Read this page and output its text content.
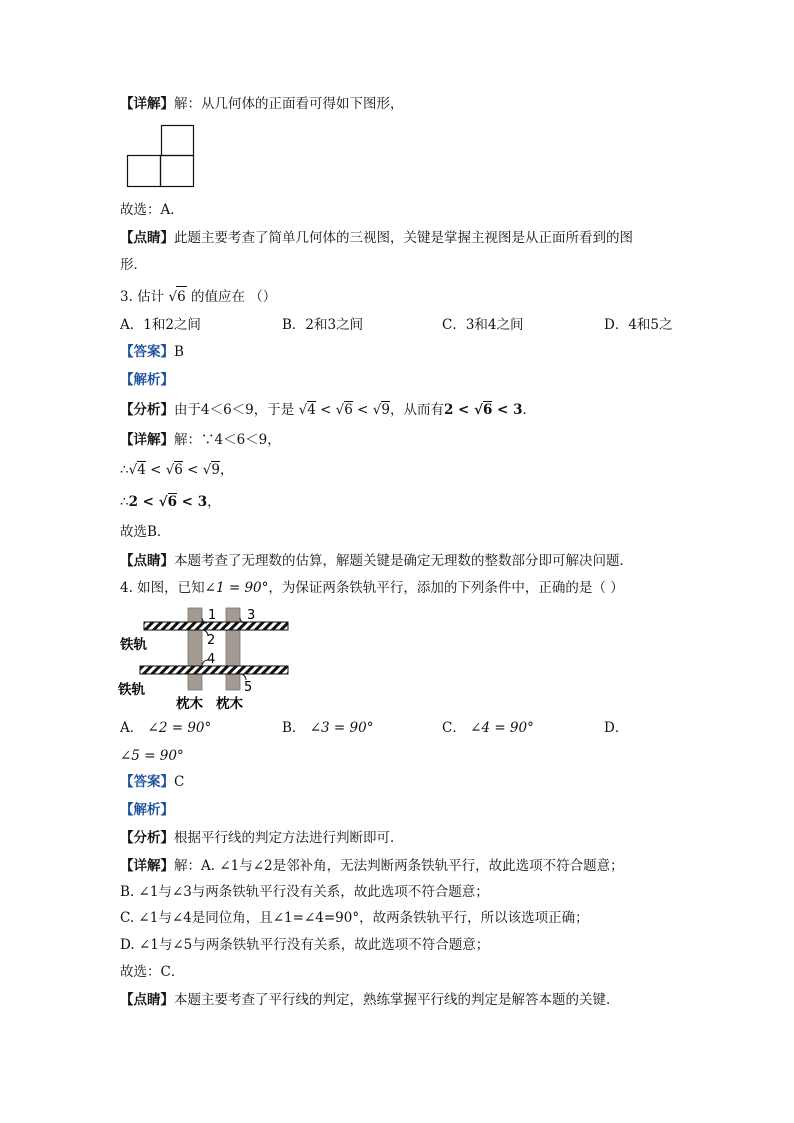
【详解】解：从几何体的正面看可得如下图形，
故选：A．
【点睛】此题主要考查了简单几何体的三视图，关键是掌握主视图是从正面所看到的图
形．
3. 估计 √6 的值应在 （）
A．1和2之间	B．2和3之间	C．3和4之间	D．4和5之
【答案】B
【解析】
【分析】由于4＜6＜9，于是 √4 < √6 < √9，从而有2 < √6 < 3．
【详解】解：∵4＜6＜9，
∴√4 < √6 < √9，
∴2 < √6 < 3，
故选B．
【点睛】本题考查了无理数的估算，解题关键是确定无理数的整数部分即可解决问题．
4. 如图，已知∠1 = 90°，为保证两条铁轨平行，添加的下列条件中，正确的是（ ）
1
2
3
4
5
铁轨
铁轨
枕木 枕木
A． ∠2 = 90°	B． ∠3 = 90°	C． ∠4 = 90°	D．
∠5 = 90°
【答案】C
【解析】
【分析】根据平行线的判定方法进行判断即可．
【详解】解：A. ∠1与∠2是邻补角，无法判断两条铁轨平行，故此选项不符合题意；
B. ∠1与∠3与两条铁轨平行没有关系，故此选项不符合题意；
C. ∠1与∠4是同位角，且∠1=∠4=90°，故两条铁轨平行，所以该选项正确；
D. ∠1与∠5与两条铁轨平行没有关系，故此选项不符合题意；
故选：C．
【点睛】本题主要考查了平行线的判定，熟练掌握平行线的判定是解答本题的关键．
